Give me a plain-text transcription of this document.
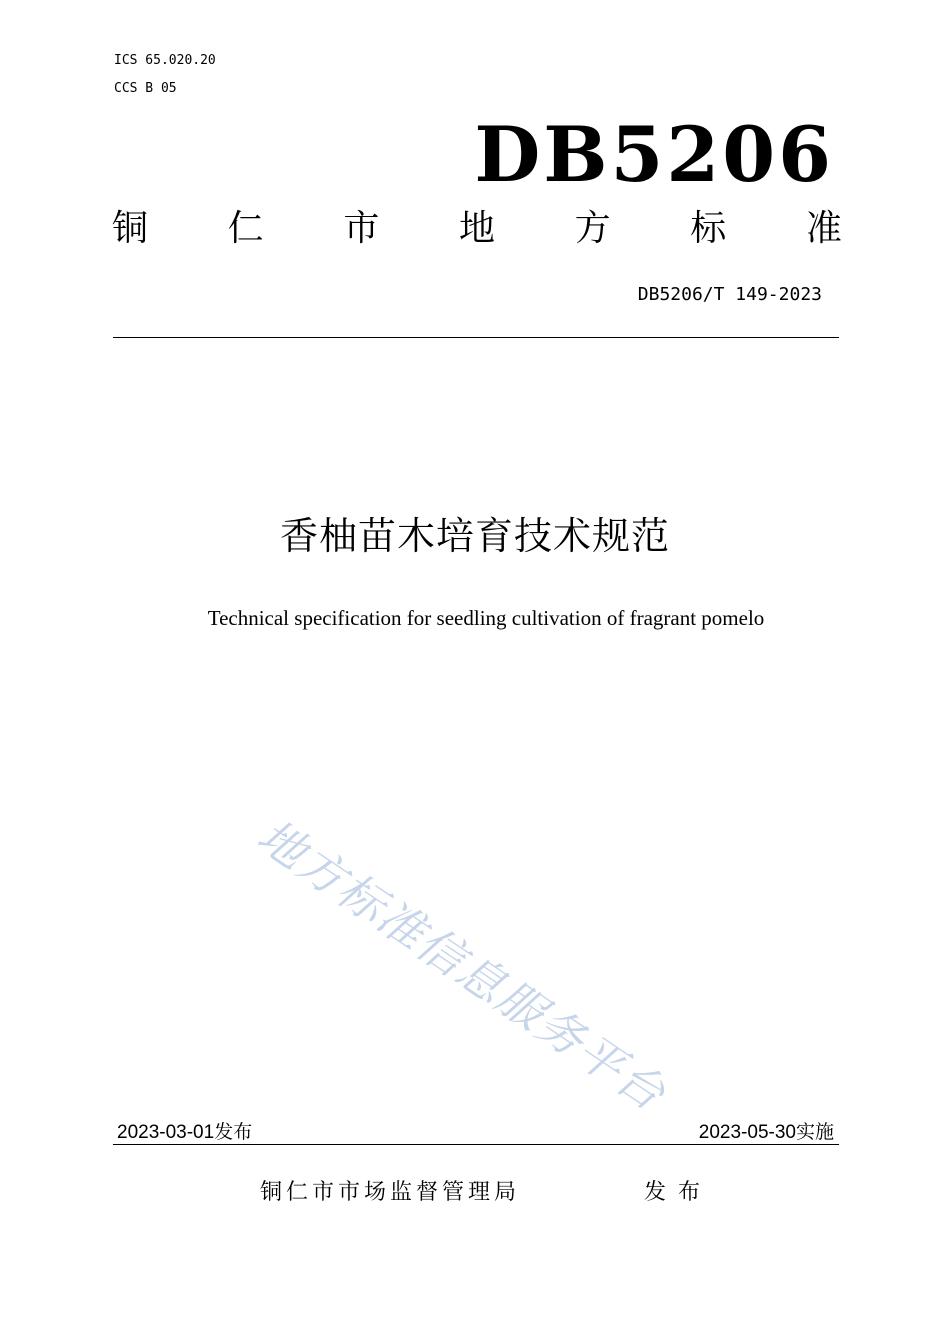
ICS 65.020.20
CCS B 05
DB5206
铜 仁 市 地 方 标 准
DB5206/T 149-2023
香柚苗木培育技术规范
Technical specification for seedling cultivation of fragrant pomelo
地方标准信息服务平台
2023-03-01发布	2023-05-30实施
铜仁市市场监督管理局	发布
